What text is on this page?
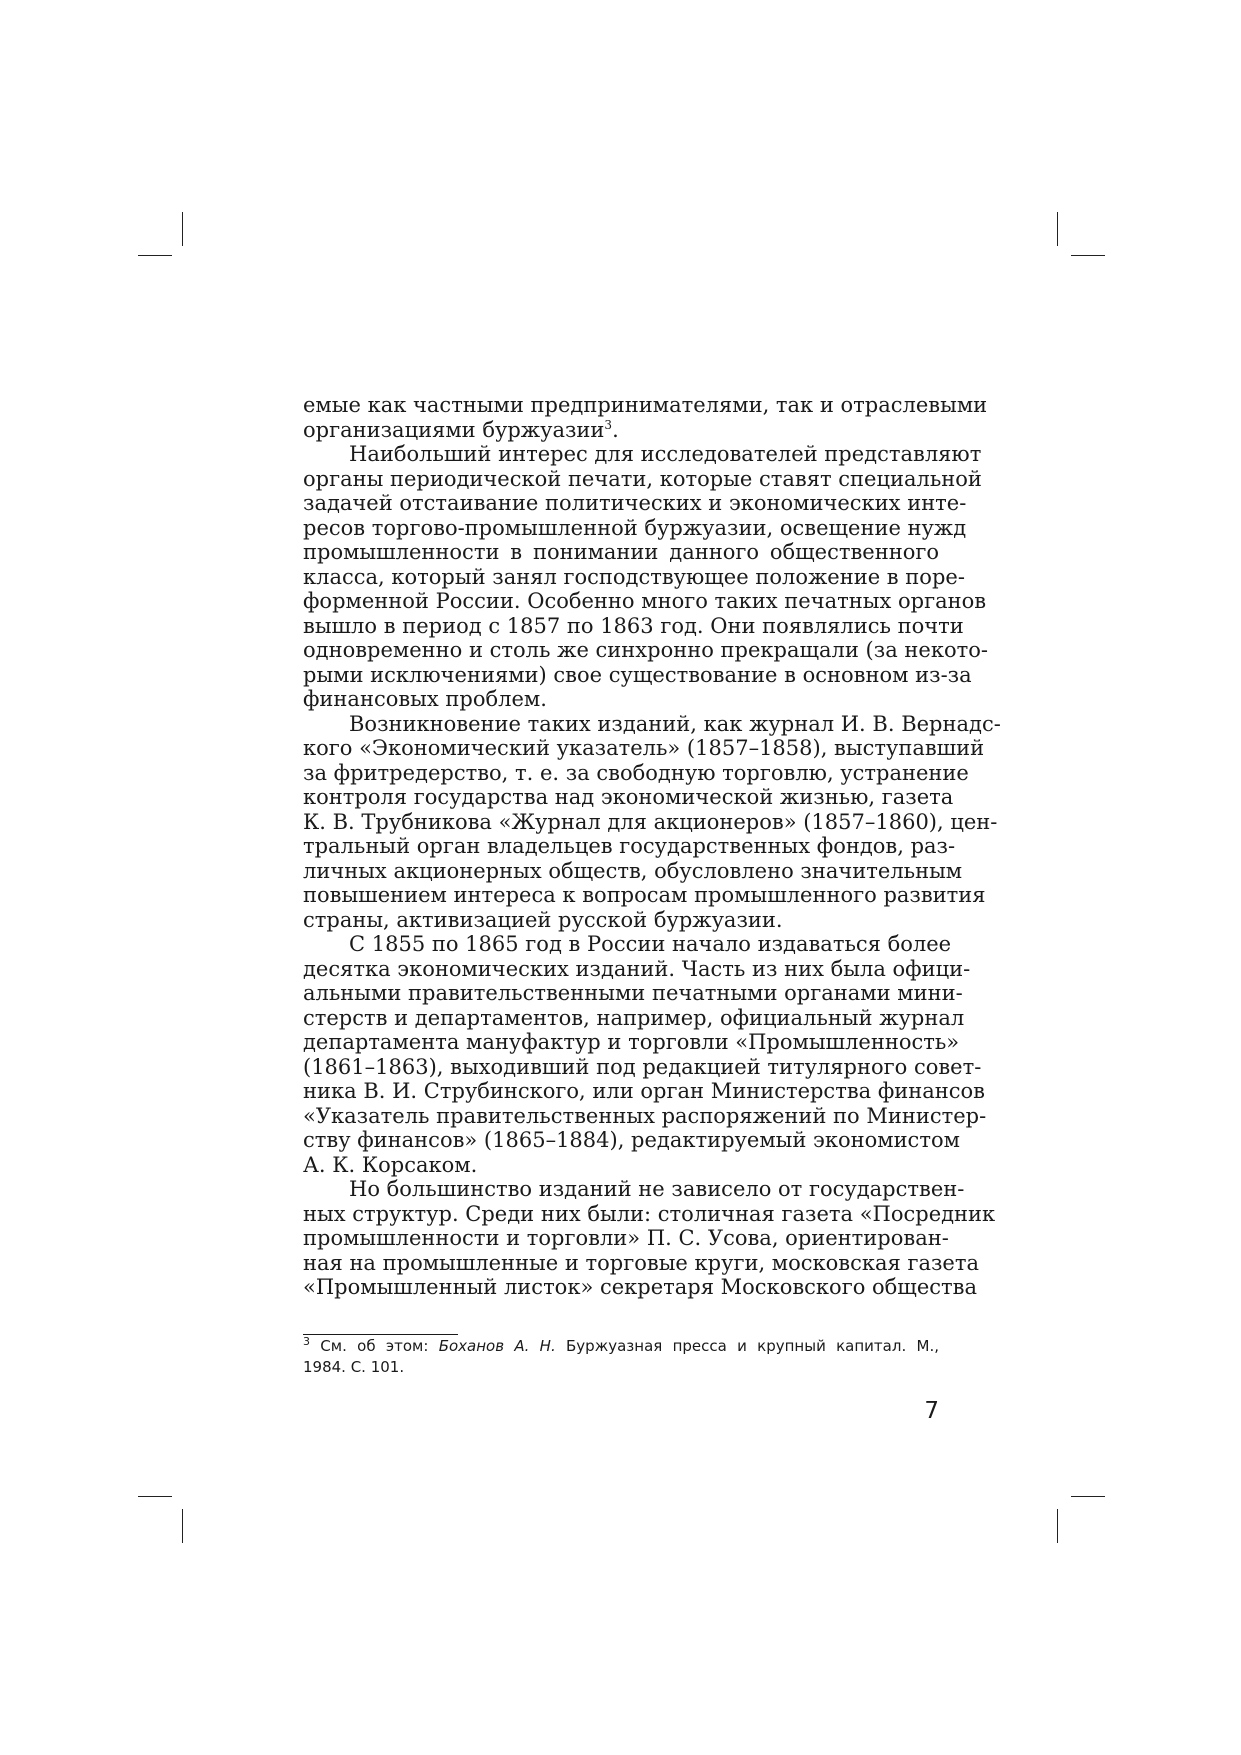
емые как частными предпринимателями, так и отраслевыми
организациями буржуазии$^3$.
Наибольший интерес для исследователей представляют
органы периодической печати, которые ставят специальной
задачей отстаивание политических и экономических инте-
ресов торгово-промышленной буржуазии, освещение нужд
промышленности в понимании данного общественного
класса, который занял господствующее положение в поре-
форменной России. Особенно много таких печатных органов
вышло в период с 1857 по 1863 год. Они появлялись почти
одновременно и столь же синхронно прекращали (за некото-
рыми исключениями) свое существование в основном из-за
финансовых проблем.
Возникновение таких изданий, как журнал И. В. Вернадс-
кого «Экономический указатель» (1857–1858), выступавший
за фритредерство, т. е. за свободную торговлю, устранение
контроля государства над экономической жизнью, газета
К. В. Трубникова «Журнал для акционеров» (1857–1860), цен-
тральный орган владельцев государственных фондов, раз-
личных акционерных обществ, обусловлено значительным
повышением интереса к вопросам промышленного развития
страны, активизацией русской буржуазии.
С 1855 по 1865 год в России начало издаваться более
десятка экономических изданий. Часть из них была офици-
альными правительственными печатными органами мини-
стерств и департаментов, например, официальный журнал
департамента мануфактур и торговли «Промышленность»
(1861–1863), выходивший под редакцией титулярного совет-
ника В. И. Струбинского, или орган Министерства финансов
«Указатель правительственных распоряжений по Министер-
ству финансов» (1865–1884), редактируемый экономистом
А. К. Корсаком.
Но большинство изданий не зависело от государствен-
ных структур. Среди них были: столичная газета «Посредник
промышленности и торговли» П. С. Усова, ориентирован-
ная на промышленные и торговые круги, московская газета
«Промышленный листок» секретаря Московского общества
$^3$ См. об этом: Боханов А. Н. Буржуазная пресса и крупный капитал. М.,
1984. С. 101.
7
